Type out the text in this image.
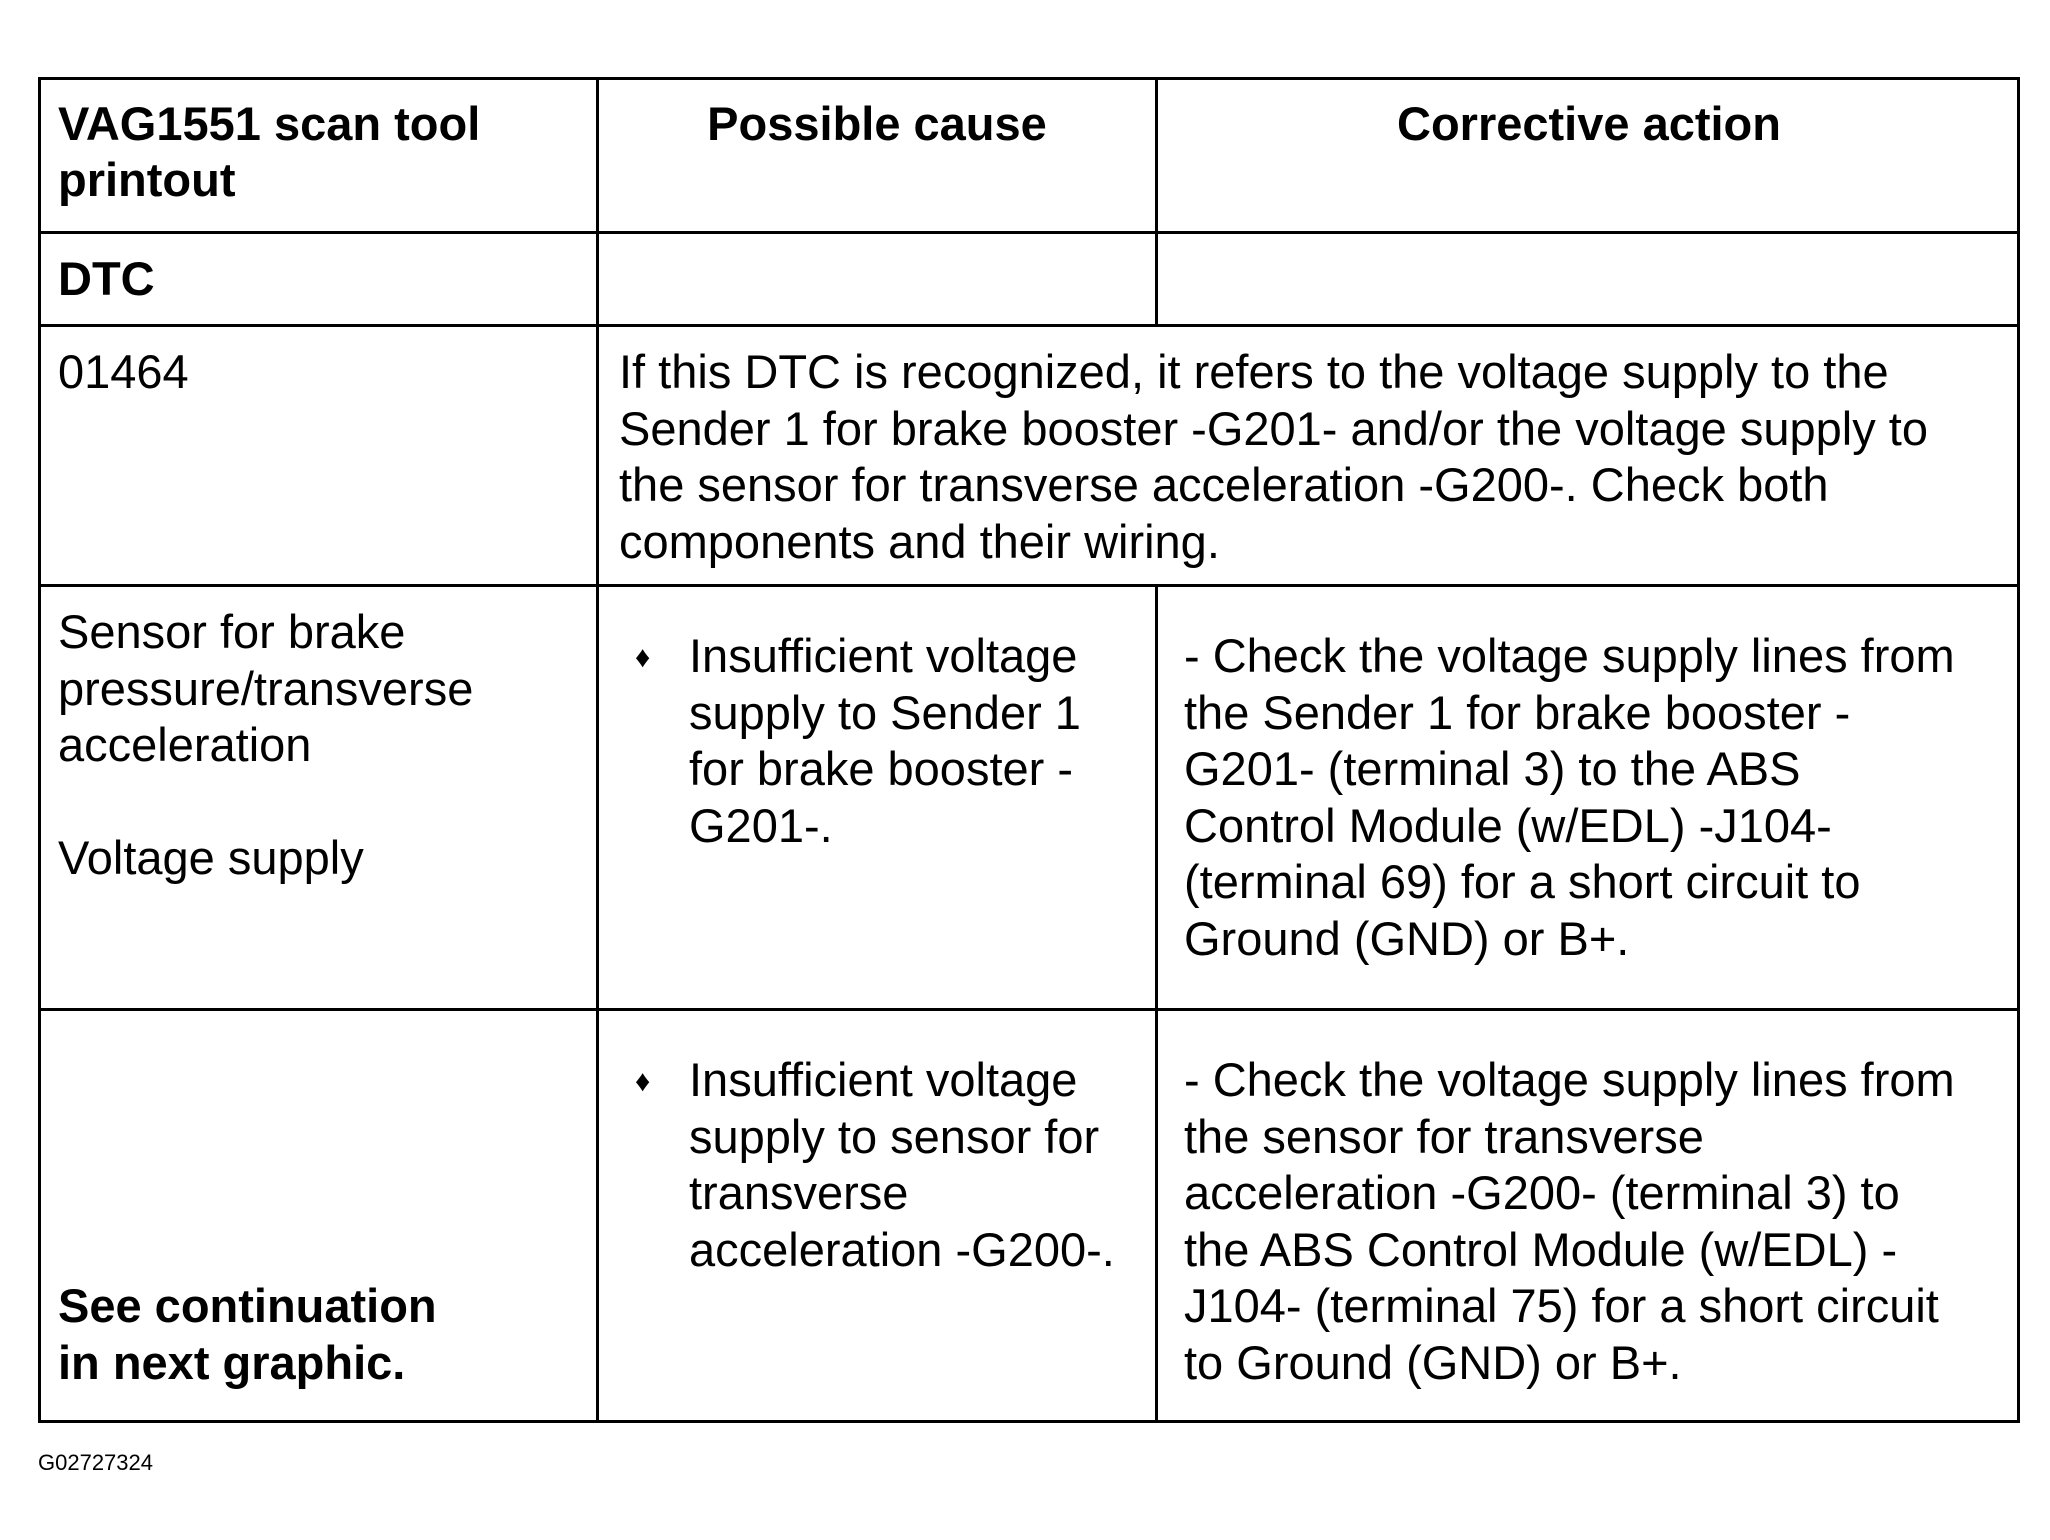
VAG1551 scan tool
printout
Possible cause	Corrective action
DTC
01464	If this DTC is recognized, it refers to the voltage supply to the
Sender 1 for brake booster -G201- and/or the voltage supply to
the sensor for transverse acceleration -G200-. Check both
components and their wiring.
Sensor for brake
pressure/transverse
acceleration
Voltage supply
♦ Insufficient voltage
supply to Sender 1
for brake booster -
G201-.
- Check the voltage supply lines from
the Sender 1 for brake booster -
G201- (terminal 3) to the ABS
Control Module (w/EDL) -J104-
(terminal 69) for a short circuit to
Ground (GND) or B+.
♦ Insufficient voltage
supply to sensor for
transverse
acceleration -G200-.
- Check the voltage supply lines from
the sensor for transverse
acceleration -G200- (terminal 3) to
the ABS Control Module (w/EDL) -
J104- (terminal 75) for a short circuit
to Ground (GND) or B+.
See continuation
in next graphic.
G02727324
